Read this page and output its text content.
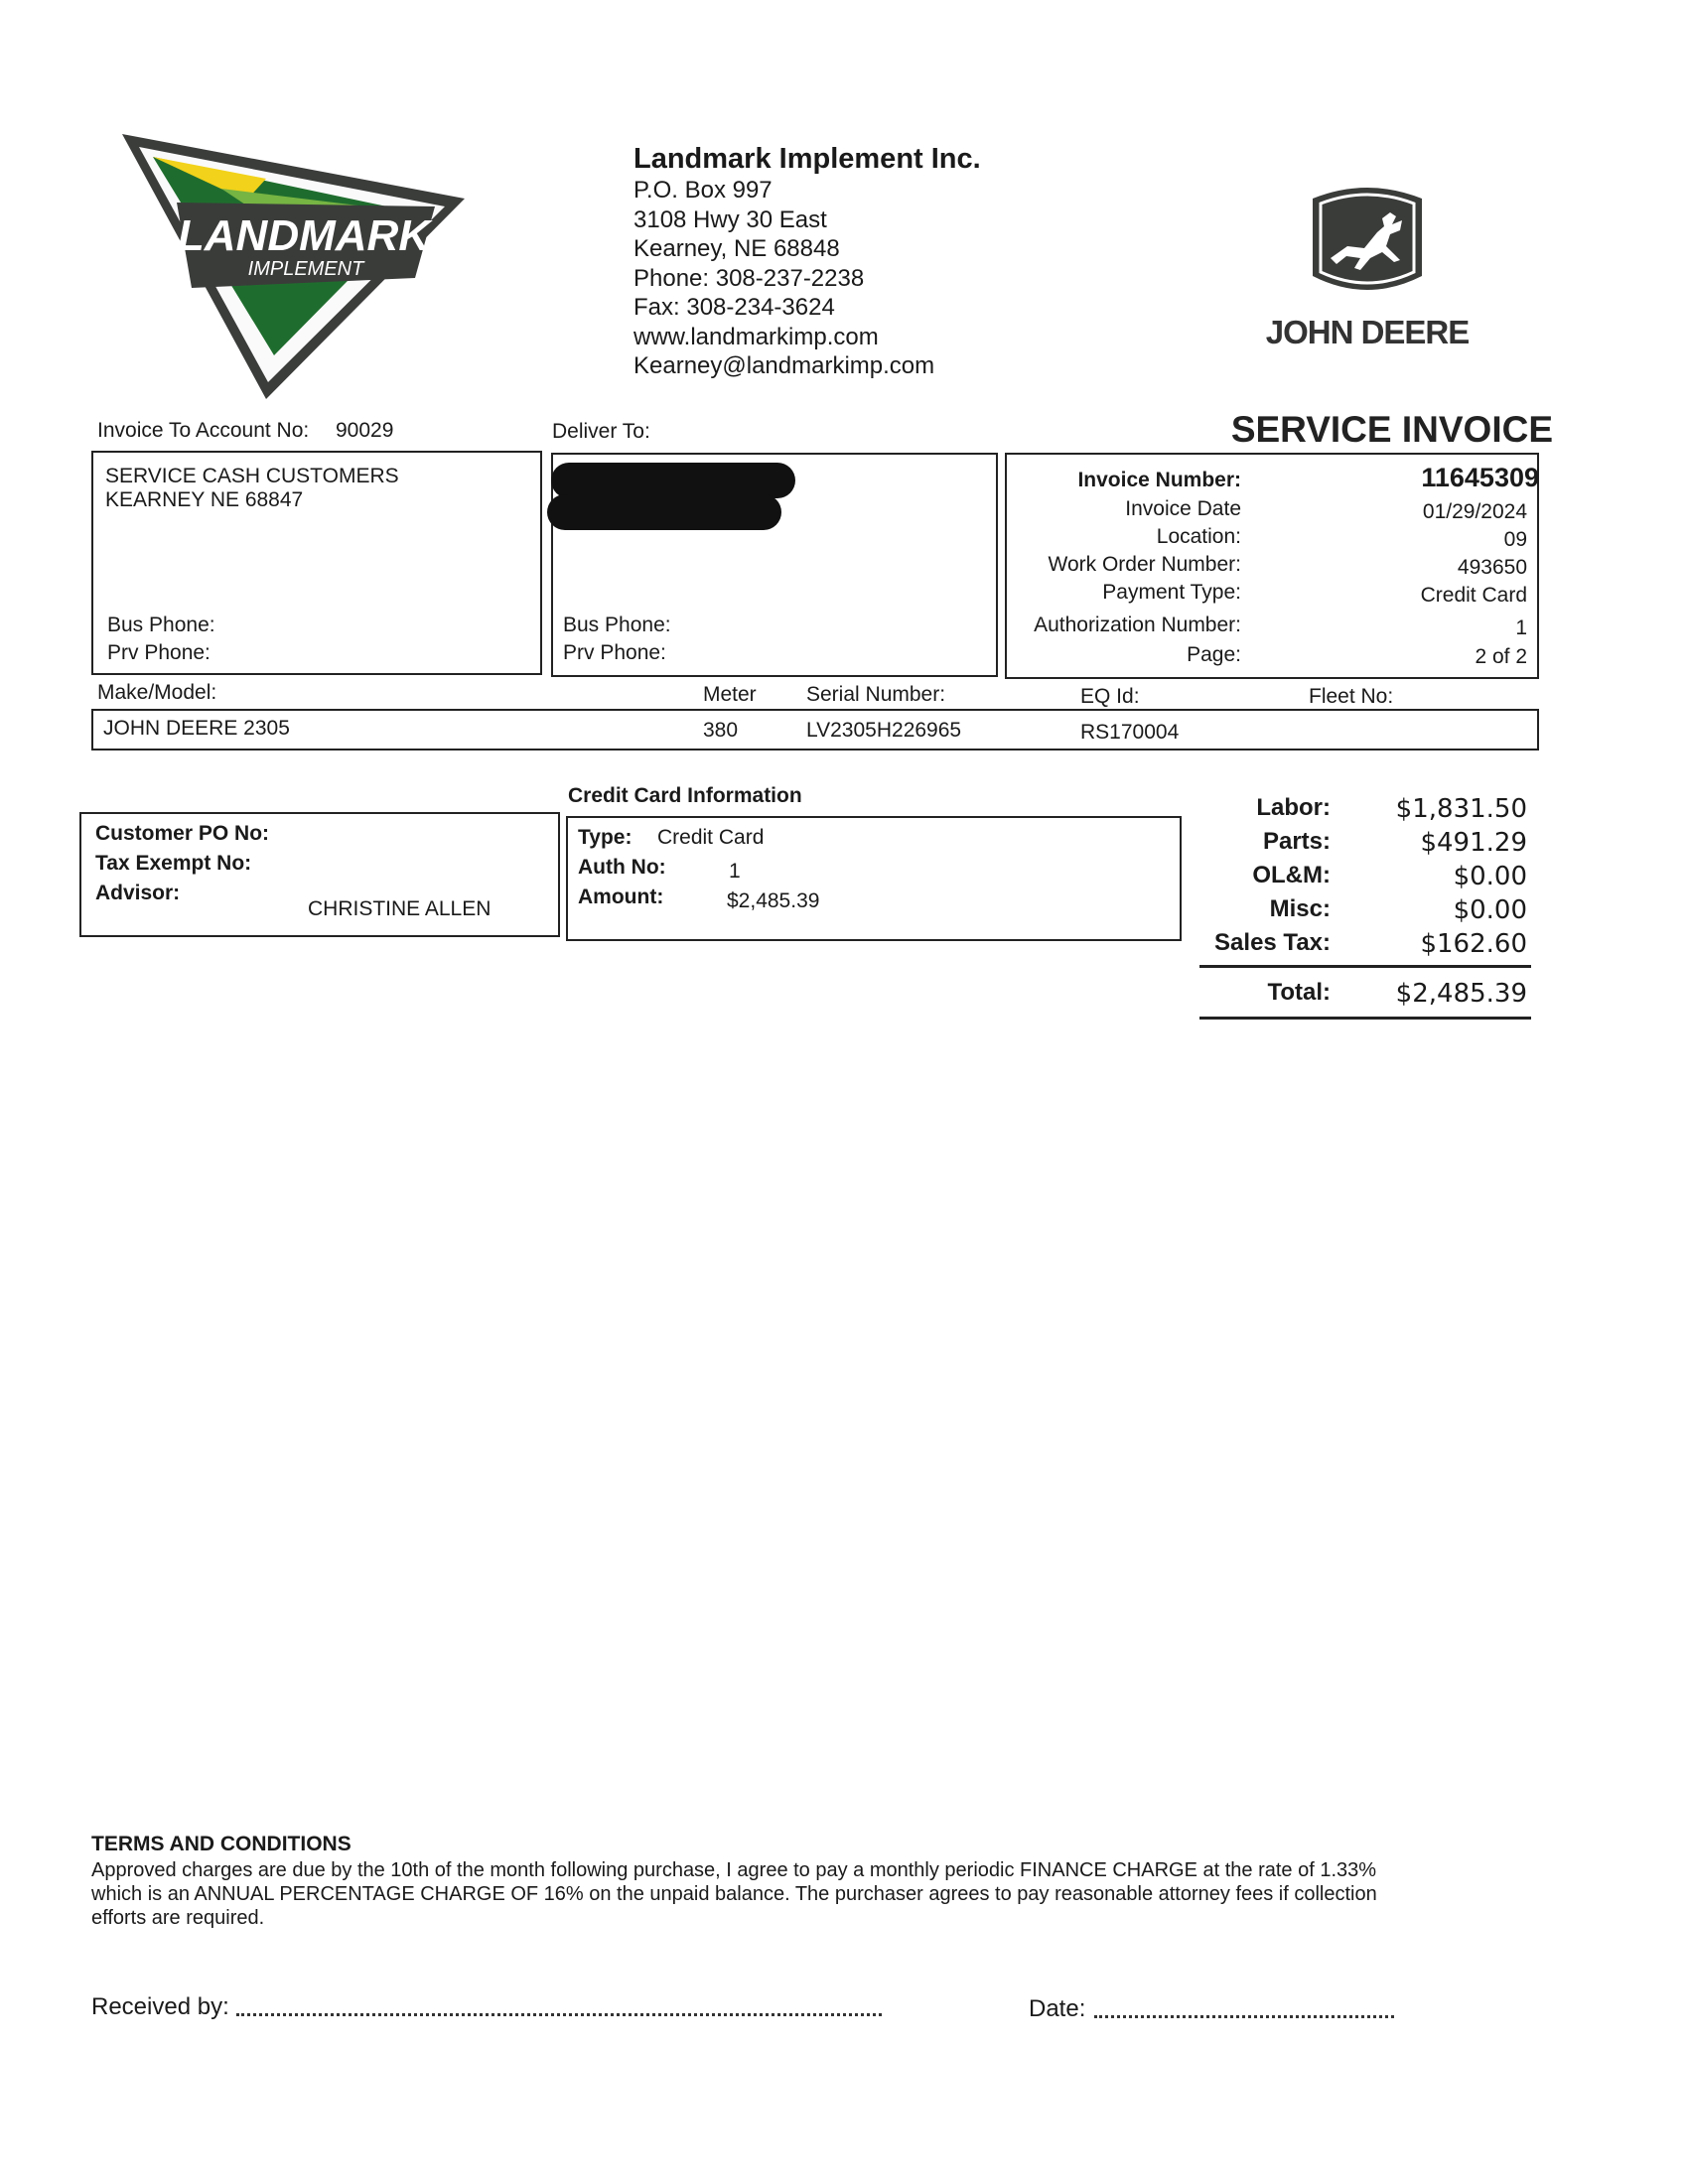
LANDMARK
IMPLEMENT
Landmark Implement Inc.
P.O. Box 997
3108 Hwy 30 East
Kearney, NE 68848
Phone: 308-237-2238
Fax: 308-234-3624
www.landmarkimp.com
Kearney@landmarkimp.com
JOHN DEERE
SERVICE INVOICE
Invoice To Account No: 90029	Deliver To:
SERVICE CASH CUSTOMERS
KEARNEY NE 68847
Bus Phone:
Prv Phone:
Bus Phone:
Prv Phone:
Invoice Number:	11645309
Invoice Date	01/29/2024
Location:	09
Work Order Number:	493650
Payment Type:	Credit Card
Authorization Number:	1
Page:	2 of 2
Make/Model:	Meter Serial Number:	EQ Id:	Fleet No:
JOHN DEERE 2305	380	LV2305H226965	RS170004
Customer PO No:
Tax Exempt No:
Advisor:
CHRISTINE ALLEN
Credit Card Information
Type: Credit Card
Auth No:	1
Amount:	$2,485.39
Labor:	$1,831.50
Parts:	$491.29
OL&M:	$0.00
Misc:	$0.00
Sales Tax:	$162.60
Total:	$2,485.39
TERMS AND CONDITIONS
Approved charges are due by the 10th of the month following purchase, I agree to pay a monthly periodic FINANCE CHARGE at the rate of 1.33%
which is an ANNUAL PERCENTAGE CHARGE OF 16% on the unpaid balance. The purchaser agrees to pay reasonable attorney fees if collection
efforts are required.
Received by:	Date:
